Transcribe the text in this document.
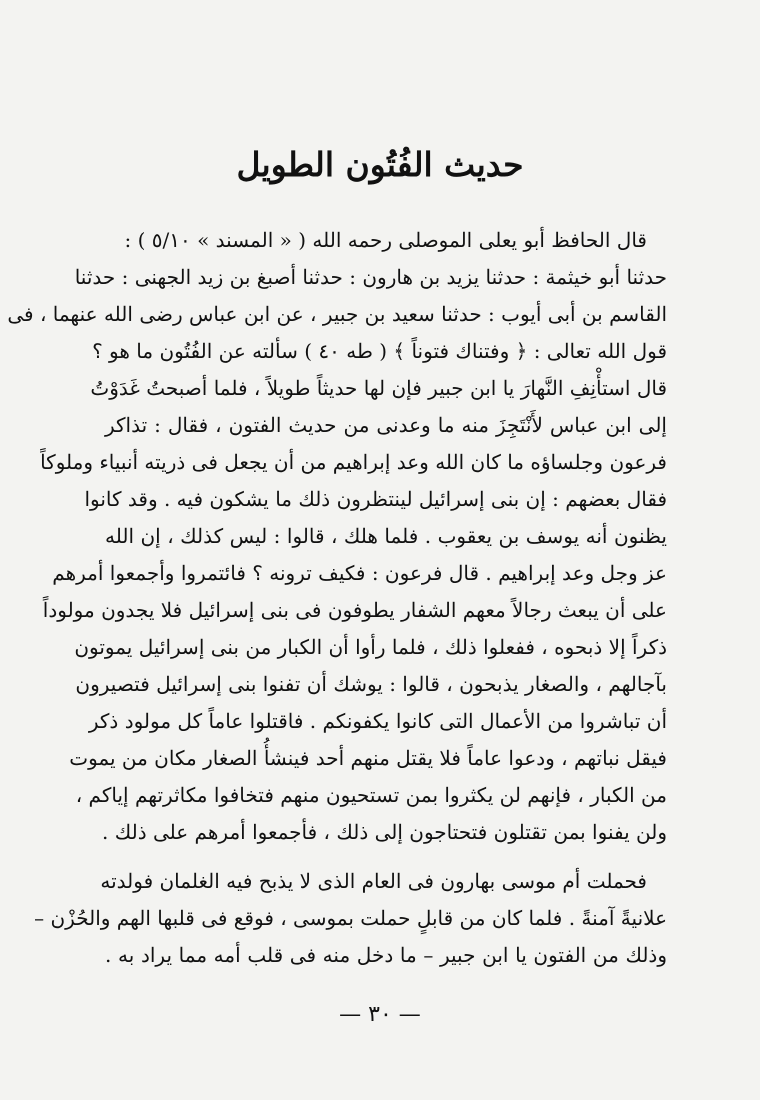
حديث الفُتُون الطويل
قال الحافظ أبو يعلى الموصلى رحمه الله ( « المسند » ٥/١٠ ) :
حدثنا أبو خيثمة : حدثنا يزيد بن هارون : حدثنا أصبغ بن زيد الجهنى : حدثنا
القاسم بن أبى أيوب : حدثنا سعيد بن جبير ، عن ابن عباس رضى الله عنهما ، فى
قول الله تعالى : ﴿ وفتناك فتوناً ﴾ ( طه ٤٠ ) سألته عن الفُتُون ما هو ؟
قال استأْنِفِ النَّهارَ يا ابن جبير فإن لها حديثاً طويلاً ، فلما أصبحتُ غَدَوْتُ
إلى ابن عباس لأَنْتَجِزَ منه ما وعدنى من حديث الفتون ، فقال : تذاكر
فرعون وجلساؤه ما كان الله وعد إبراهيم من أن يجعل فى ذريته أنبياء وملوكاً
فقال بعضهم : إن بنى إسرائيل لينتظرون ذلك ما يشكون فيه . وقد كانوا
يظنون أنه يوسف بن يعقوب . فلما هلك ، قالوا : ليس كذلك ، إن الله
عز وجل وعد إبراهيم . قال فرعون : فكيف ترونه ؟ فائتمروا وأجمعوا أمرهم
على أن يبعث رجالاً معهم الشفار يطوفون فى بنى إسرائيل فلا يجدون مولوداً
ذكراً إلا ذبحوه ، ففعلوا ذلك ، فلما رأوا أن الكبار من بنى إسرائيل يموتون
بآجالهم ، والصغار يذبحون ، قالوا : يوشك أن تفنوا بنى إسرائيل فتصيرون
أن تباشروا من الأعمال التى كانوا يكفونكم . فاقتلوا عاماً كل مولود ذكر
فيقل نباتهم ، ودعوا عاماً فلا يقتل منهم أحد فينشأُ الصغار مكان من يموت
من الكبار ، فإنهم لن يكثروا بمن تستحيون منهم فتخافوا مكاثرتهم إياكم ،
ولن يفنوا بمن تقتلون فتحتاجون إلى ذلك ، فأجمعوا أمرهم على ذلك .
فحملت أم موسى بهارون فى العام الذى لا يذبح فيه الغلمان فولدته
علانيةً آمنةً . فلما كان من قابلٍ حملت بموسى ، فوقع فى قلبها الهم والحُزْن –
وذلك من الفتون يا ابن جبير – ما دخل منه فى قلب أمه مما يراد به .
— ٣٠ —
